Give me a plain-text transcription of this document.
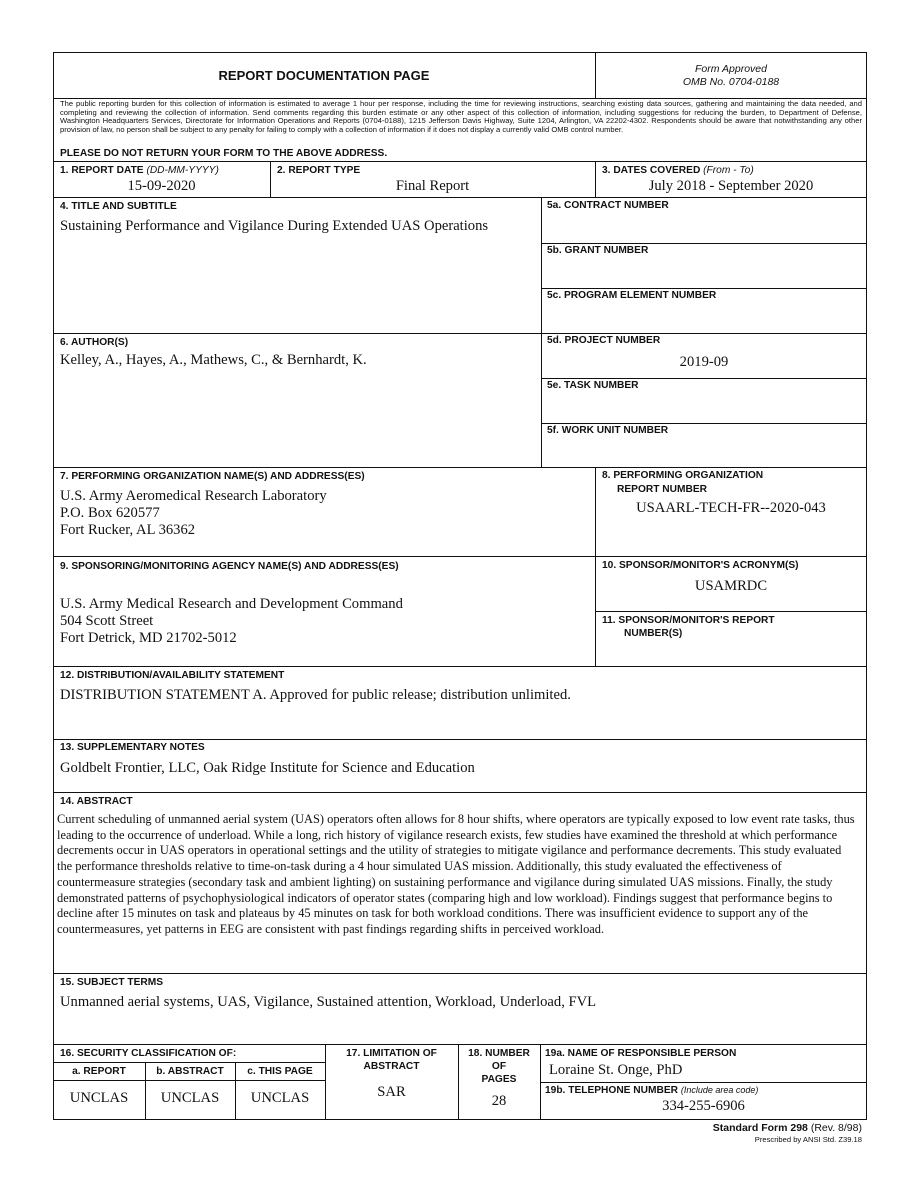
REPORT DOCUMENTATION PAGE	Form Approved
OMB No. 0704-0188
The public reporting burden for this collection of information is estimated to average 1 hour per response, including the time for reviewing instructions, searching existing data sources, gathering and maintaining the data needed, and completing and reviewing the collection of information. Send comments regarding this burden estimate or any other aspect of this collection of information, including suggestions for reducing the burden, to Department of Defense, Washington Headquarters Services, Directorate for Information Operations and Reports (0704-0188), 1215 Jefferson Davis Highway, Suite 1204, Arlington, VA 22202-4302. Respondents should be aware that notwithstanding any other provision of law, no person shall be subject to any penalty for failing to comply with a collection of information if it does not display a currently valid OMB control number.
PLEASE DO NOT RETURN YOUR FORM TO THE ABOVE ADDRESS.
1. REPORT DATE (DD-MM-YYYY)
15-09-2020
2. REPORT TYPE
Final Report
3. DATES COVERED (From - To)
July 2018 - September 2020
4. TITLE AND SUBTITLE
Sustaining Performance and Vigilance During Extended UAS Operations
5a. CONTRACT NUMBER
5b. GRANT NUMBER
5c. PROGRAM ELEMENT NUMBER
6. AUTHOR(S)
Kelley, A., Hayes, A., Mathews, C., & Bernhardt, K.
5d. PROJECT NUMBER
2019-09
5e. TASK NUMBER
5f. WORK UNIT NUMBER
7. PERFORMING ORGANIZATION NAME(S) AND ADDRESS(ES)
U.S. Army Aeromedical Research Laboratory
P.O. Box 620577
Fort Rucker, AL 36362
8. PERFORMING ORGANIZATION
REPORT NUMBER
USAARL-TECH-FR--2020-043
9. SPONSORING/MONITORING AGENCY NAME(S) AND ADDRESS(ES)
U.S. Army Medical Research and Development Command
504 Scott Street
Fort Detrick, MD 21702-5012
10. SPONSOR/MONITOR'S ACRONYM(S)
USAMRDC
11. SPONSOR/MONITOR'S REPORT
NUMBER(S)
12. DISTRIBUTION/AVAILABILITY STATEMENT
DISTRIBUTION STATEMENT A. Approved for public release; distribution unlimited.
13. SUPPLEMENTARY NOTES
Goldbelt Frontier, LLC, Oak Ridge Institute for Science and Education
14. ABSTRACT
Current scheduling of unmanned aerial system (UAS) operators often allows for 8 hour shifts, where operators are typically exposed to low event rate tasks, thus leading to the occurrence of underload. While a long, rich history of vigilance research exists, few studies have examined the threshold at which performance decrements occur in UAS operators in operational settings and the utility of strategies to mitigate vigilance and performance decrements. This study evaluated the performance thresholds relative to time-on-task during a 4 hour simulated UAS mission. Additionally, this study evaluated the effectiveness of countermeasure strategies (secondary task and ambient lighting) on sustaining performance and vigilance during simulated UAS missions. Finally, the study demonstrated patterns of psychophysiological indicators of operator states (comparing high and low workload). Findings suggest that performance begins to decline after 15 minutes on task and plateaus by 45 minutes on task for both workload conditions. There was insufficient evidence to support any of the countermeasures, yet patterns in EEG are consistent with past findings regarding shifts in perceived workload.
15. SUBJECT TERMS
Unmanned aerial systems, UAS, Vigilance, Sustained attention, Workload, Underload, FVL
16. SECURITY CLASSIFICATION OF:
a. REPORT	b. ABSTRACT	c. THIS PAGE
UNCLAS	UNCLAS	UNCLAS
17. LIMITATION OF
ABSTRACT
SAR
18. NUMBER
OF
PAGES
28
19a. NAME OF RESPONSIBLE PERSON
Loraine St. Onge, PhD
19b. TELEPHONE NUMBER (Include area code)
334-255-6906
Standard Form 298 (Rev. 8/98)
Prescribed by ANSI Std. Z39.18
